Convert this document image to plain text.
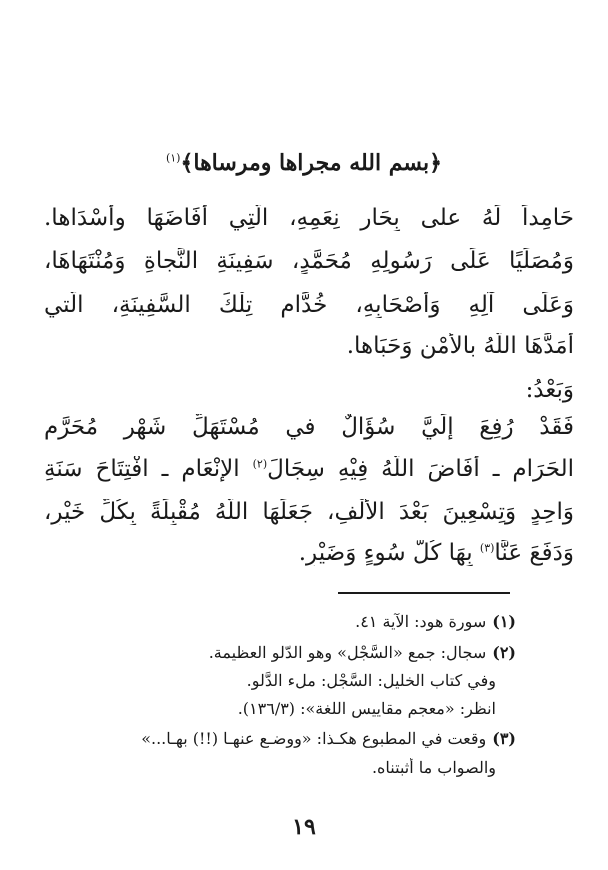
﴿بسم الله مجراها ومرساها﴾$^{(١)}$
حَامِداً لَهُ على بِحَارِ نِعَمِهِ، الَّتِي أَفَاضَهَا وأَسْدَاها.
وَمُصَلِّيًا عَلَى رَسُولِهِ مُحَمَّدٍ، سَفِينَةِ النَّجاةِ وَمُنْتَهَاهَا،
وَعَلَى آلِهِ وَأَصْحَابِهِ، خُدَّامِ تِلْكَ السَّفِينَةِ، الَّتي
أَمَدَّهَا اللَّهُ بالأَمْنِ وَحَبَاها.
وَبَعْدُ:
فَقَدْ رُفِعَ إلَيَّ سُؤَالٌ في مُسْتَهَلِّ شَهْرِ مُحَرَّمِ
الحَرَامِ ـ أَفَاضَ اللَّهُ فِيْهِ سِجَالَ$^{(٢)}$ الإِنْعَامِ ـ افْتِتَاحَ سَنَةِ
وَاحِدٍ وَتِسْعِينَ بَعْدَ الأَلْفِ، جَعَلَهَا اللَّهُ مُقْبِلَةً بِكُلِّ خَيْرٍ،
وَدَفَعَ عَنَّا$^{(٣)}$ بِهَا كُلَّ سُوءٍ وَضَيْرٍ.
(١)سورة هود: الآية ٤١.
(٢)سجال: جمع «السَّجْل» وهو الدّلو العظيمة.
وفي كتاب الخليل: السَّجْل: ملء الدَّلو.
انظر: «معجم مقاييس اللغة»: (١٣٦/٣).
(٣)وقعت في المطبوع هكـذا: «ووضـع عنهـا (!!) بهـا...»
والصواب ما أثبتناه.
١٩
